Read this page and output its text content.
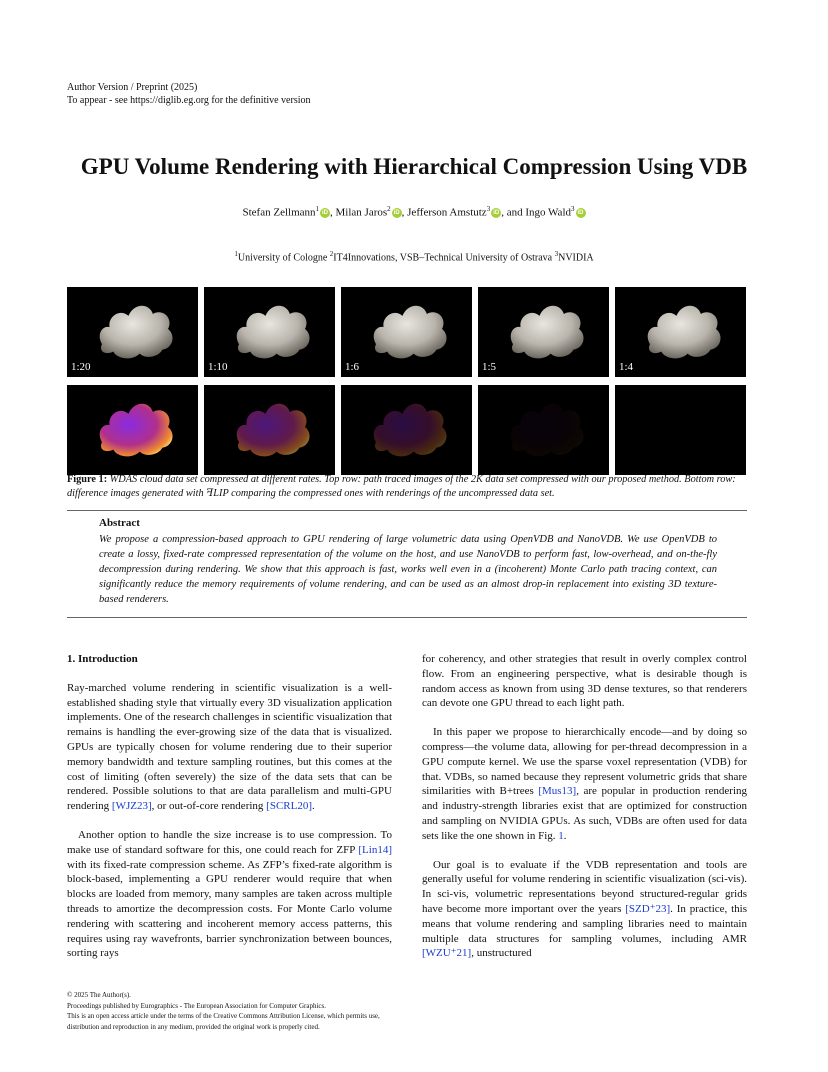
Author Version / Preprint (2025)
To appear - see https://diglib.eg.org for the definitive version
GPU Volume Rendering with Hierarchical Compression Using VDB
Stefan Zellmann$^1$ iD , Milan Jaros$^2$ iD , Jefferson Amstutz$^3$ iD , and Ingo Wald$^3$ iD
$^1$University of Cologne $^2$IT4Innovations, VSB–Technical University of Ostrava $^3$NVIDIA
1:20	1:10	1:6	1:5	1:4
Figure 1: WDAS cloud data set compressed at different rates. Top row: path traced images of the 2K data set compressed with our proposed method. Bottom row: difference images generated with ꟻLIP comparing the compressed ones with renderings of the uncompressed data set.
Abstract
We propose a compression-based approach to GPU rendering of large volumetric data using OpenVDB and NanoVDB. We use OpenVDB to create a lossy, fixed-rate compressed representation of the volume on the host, and use NanoVDB to perform fast, low-overhead, and on-the-fly decompression during rendering. We show that this approach is fast, works well even in a (incoherent) Monte Carlo path tracing context, can significantly reduce the memory requirements of volume rendering, and can be used as an almost drop-in replacement into existing 3D texture-based renderers.
1. Introduction

Ray-marched volume rendering in scientific visualization is a well-established shading style that virtually every 3D visualization application implements. One of the research challenges in scientific visualization that remains is handling the ever-growing size of the data that is visualized. GPUs are typically chosen for volume rendering due to their superior memory bandwidth and texture sampling routines, but this comes at the cost of limiting (often severely) the size of the data sets that can be rendered. Possible solutions to that are data parallelism and multi-GPU rendering [WJZ23], or out-of-core rendering [SCRL20].

Another option to handle the size increase is to use compression. To make use of standard software for this, one could reach for ZFP [Lin14] with its fixed-rate compression scheme. As ZFP’s fixed-rate algorithm is block-based, implementing a GPU renderer would require that when blocks are loaded from memory, many samples are taken across multiple threads to amortize the decompression costs. For Monte Carlo volume rendering with scattering and incoherent memory access patterns, this requires using ray wavefronts, barrier synchronization between bounces, sorting rays

for coherency, and other strategies that result in overly complex control flow. From an engineering perspective, what is desirable though is random access as known from using 3D dense textures, so that renderers can devote one GPU thread to each light path.

In this paper we propose to hierarchically encode—and by doing so compress—the volume data, allowing for per-thread decompression in a GPU compute kernel. We use the sparse voxel representation (VDB) for that. VDBs, so named because they represent volumetric grids that share similarities with B+trees [Mus13], are popular in production rendering and industry-strength libraries exist that are optimized for construction and sampling on NVIDIA GPUs. As such, VDBs are often used for data sets like the one shown in Fig. 1.

Our goal is to evaluate if the VDB representation and tools are generally useful for volume rendering in scientific visualization (sci-vis). In sci-vis, volumetric representations beyond structured-regular grids have become more important over the years [SZD⁺23]. In practice, this means that volume rendering and sampling libraries need to maintain multiple data structures for sampling volumes, including AMR [WZU⁺21], unstructured

© 2025 The Author(s).
Proceedings published by Eurographics - The European Association for Computer Graphics.
This is an open access article under the terms of the Creative Commons Attribution License, which permits use, distribution and reproduction in any medium, provided the original work is properly cited.
